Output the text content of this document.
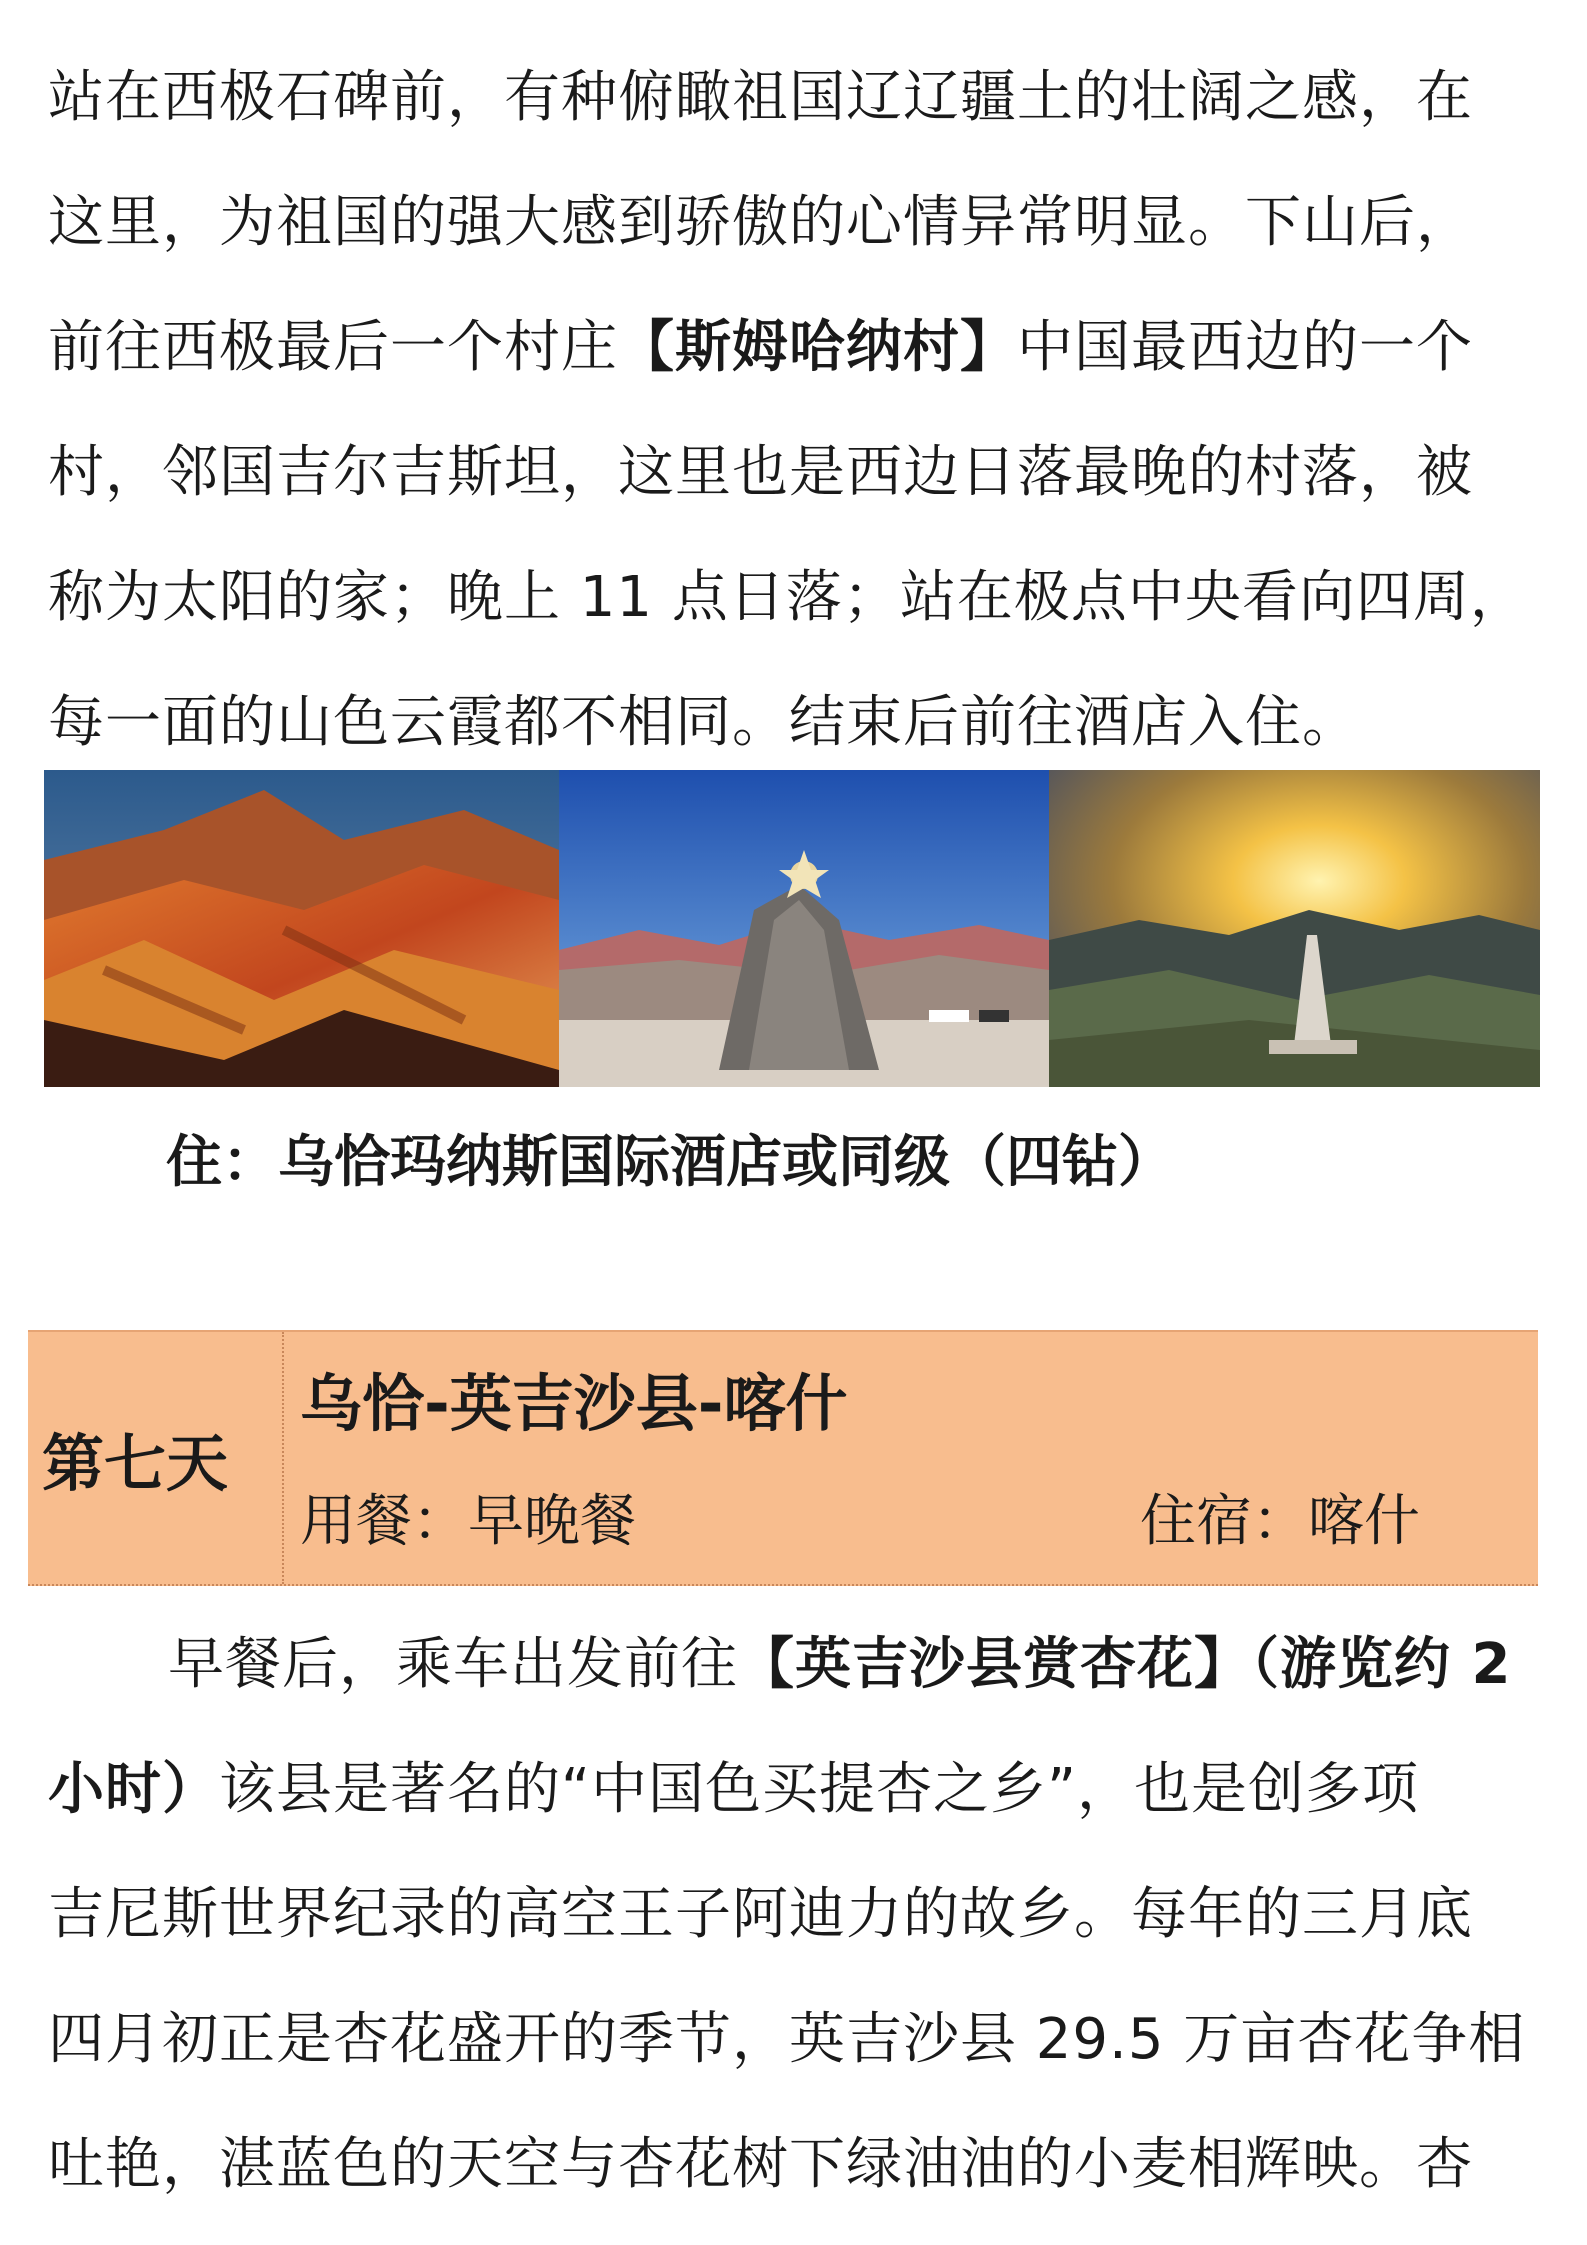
站在西极石碑前，有种俯瞰祖国辽辽疆土的壮阔之感，在

这里，为祖国的强大感到骄傲的心情异常明显。下山后，

前往西极最后一个村庄【斯姆哈纳村】中国最西边的一个

村，邻国吉尔吉斯坦，这里也是西边日落最晚的村落，被

称为太阳的家；晚上 11 点日落；站在极点中央看向四周，

每一面的山色云霞都不相同。结束后前往酒店入住。

住：乌恰玛纳斯国际酒店或同级（四钻）

第七天
乌恰-英吉沙县-喀什
用餐：早晚餐	住宿：喀什

早餐后，乘车出发前往【英吉沙县赏杏花】（游览约 2

小时）该县是著名的“中国色买提杏之乡”，也是创多项

吉尼斯世界纪录的高空王子阿迪力的故乡。每年的三月底

四月初正是杏花盛开的季节，英吉沙县 29.5 万亩杏花争相

吐艳，湛蓝色的天空与杏花树下绿油油的小麦相辉映。杏
